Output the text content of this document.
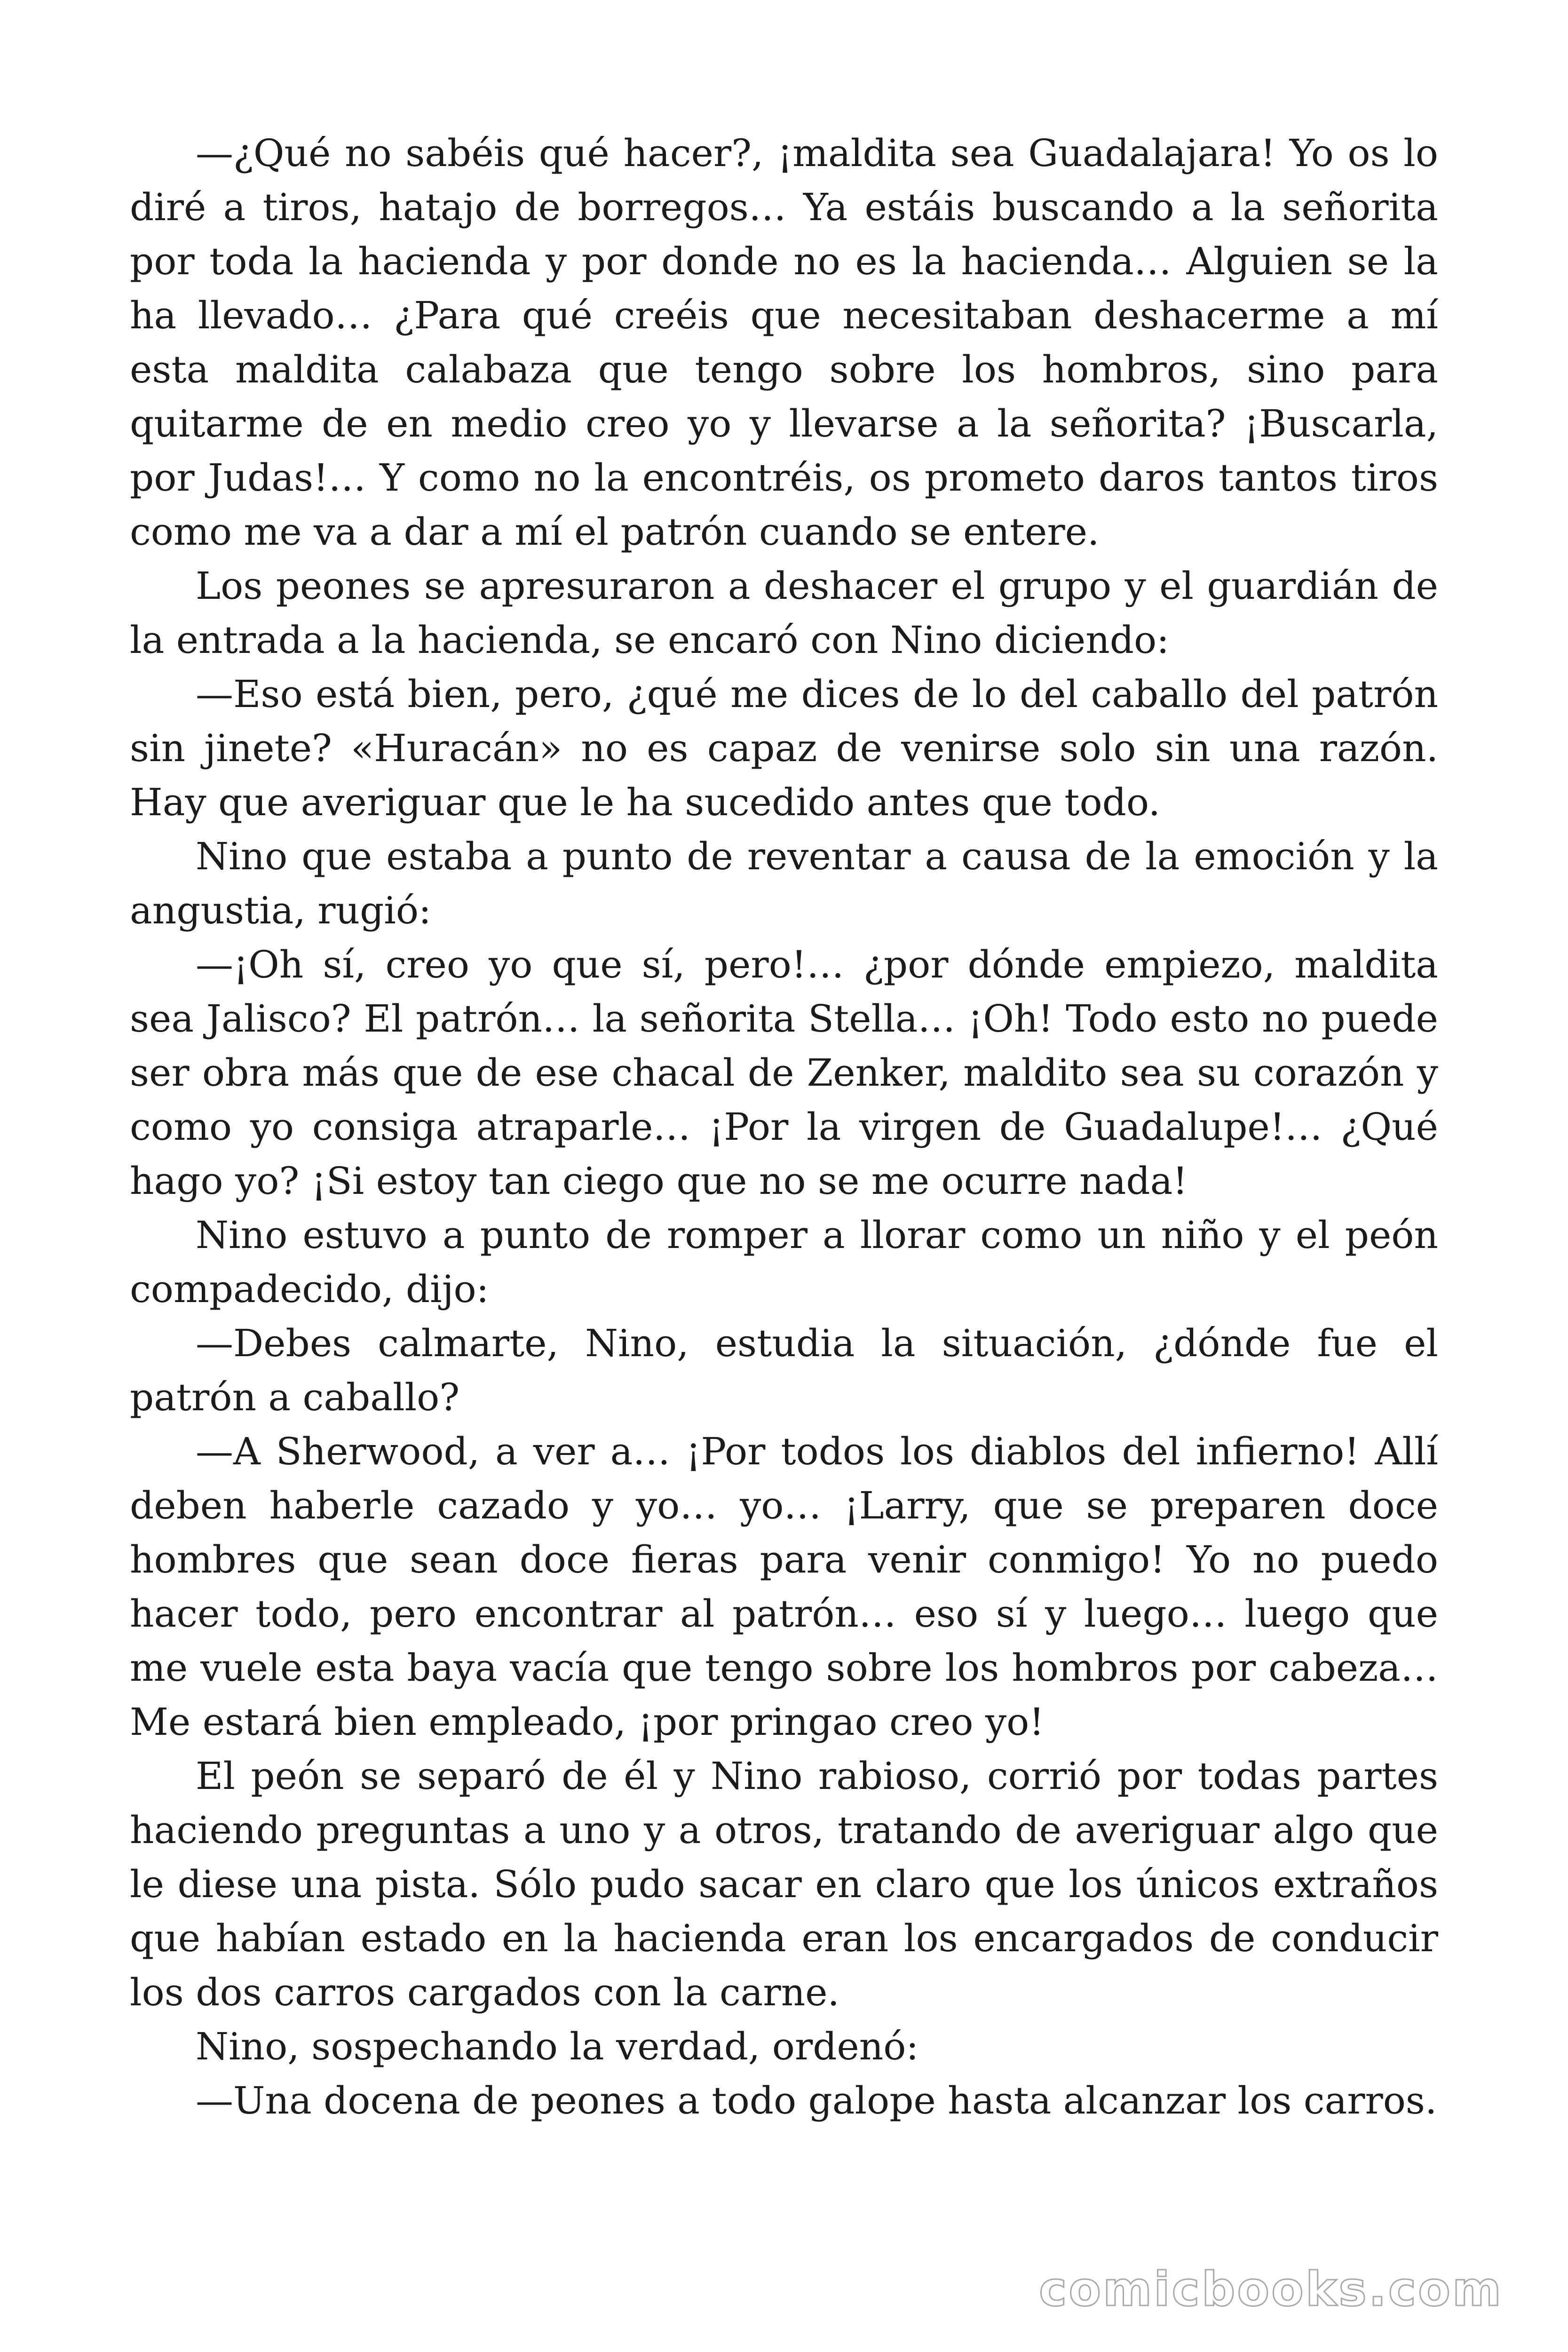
—¿Qué no sabéis qué hacer?, ¡maldita sea Guadalajara! Yo os lo diré a tiros, hatajo de borregos… Ya estáis buscando a la señorita por toda la hacienda y por donde no es la hacienda… Alguien se la ha llevado… ¿Para qué creéis que necesitaban deshacerme a mí esta maldita calabaza que tengo sobre los hombros, sino para quitarme de en medio creo yo y llevarse a la señorita? ¡Buscarla, por Judas!… Y como no la encontréis, os prometo daros tantos tiros como me va a dar a mí el patrón cuando se entere.

Los peones se apresuraron a deshacer el grupo y el guardián de la entrada a la hacienda, se encaró con Nino diciendo:

—Eso está bien, pero, ¿qué me dices de lo del caballo del patrón sin jinete? «Huracán» no es capaz de venirse solo sin una razón. Hay que averiguar que le ha sucedido antes que todo.

Nino que estaba a punto de reventar a causa de la emoción y la angustia, rugió:

—¡Oh sí, creo yo que sí, pero!… ¿por dónde empiezo, maldita sea Jalisco? El patrón… la señorita Stella… ¡Oh! Todo esto no puede ser obra más que de ese chacal de Zenker, maldito sea su corazón y como yo consiga atraparle… ¡Por la virgen de Guadalupe!… ¿Qué hago yo? ¡Si estoy tan ciego que no se me ocurre nada!

Nino estuvo a punto de romper a llorar como un niño y el peón compadecido, dijo:

—Debes calmarte, Nino, estudia la situación, ¿dónde fue el patrón a caballo?

—A Sherwood, a ver a… ¡Por todos los diablos del infierno! Allí deben haberle cazado y yo… yo… ¡Larry, que se preparen doce hombres que sean doce fieras para venir conmigo! Yo no puedo hacer todo, pero encontrar al patrón… eso sí y luego… luego que me vuele esta baya vacía que tengo sobre los hombros por cabeza… Me estará bien empleado, ¡por pringao creo yo!

El peón se separó de él y Nino rabioso, corrió por todas partes haciendo preguntas a uno y a otros, tratando de averiguar algo que le diese una pista. Sólo pudo sacar en claro que los únicos extraños que habían estado en la hacienda eran los encargados de conducir los dos carros cargados con la carne.

Nino, sospechando la verdad, ordenó:

—Una docena de peones a todo galope hasta alcanzar los carros.

comicbooks.com
